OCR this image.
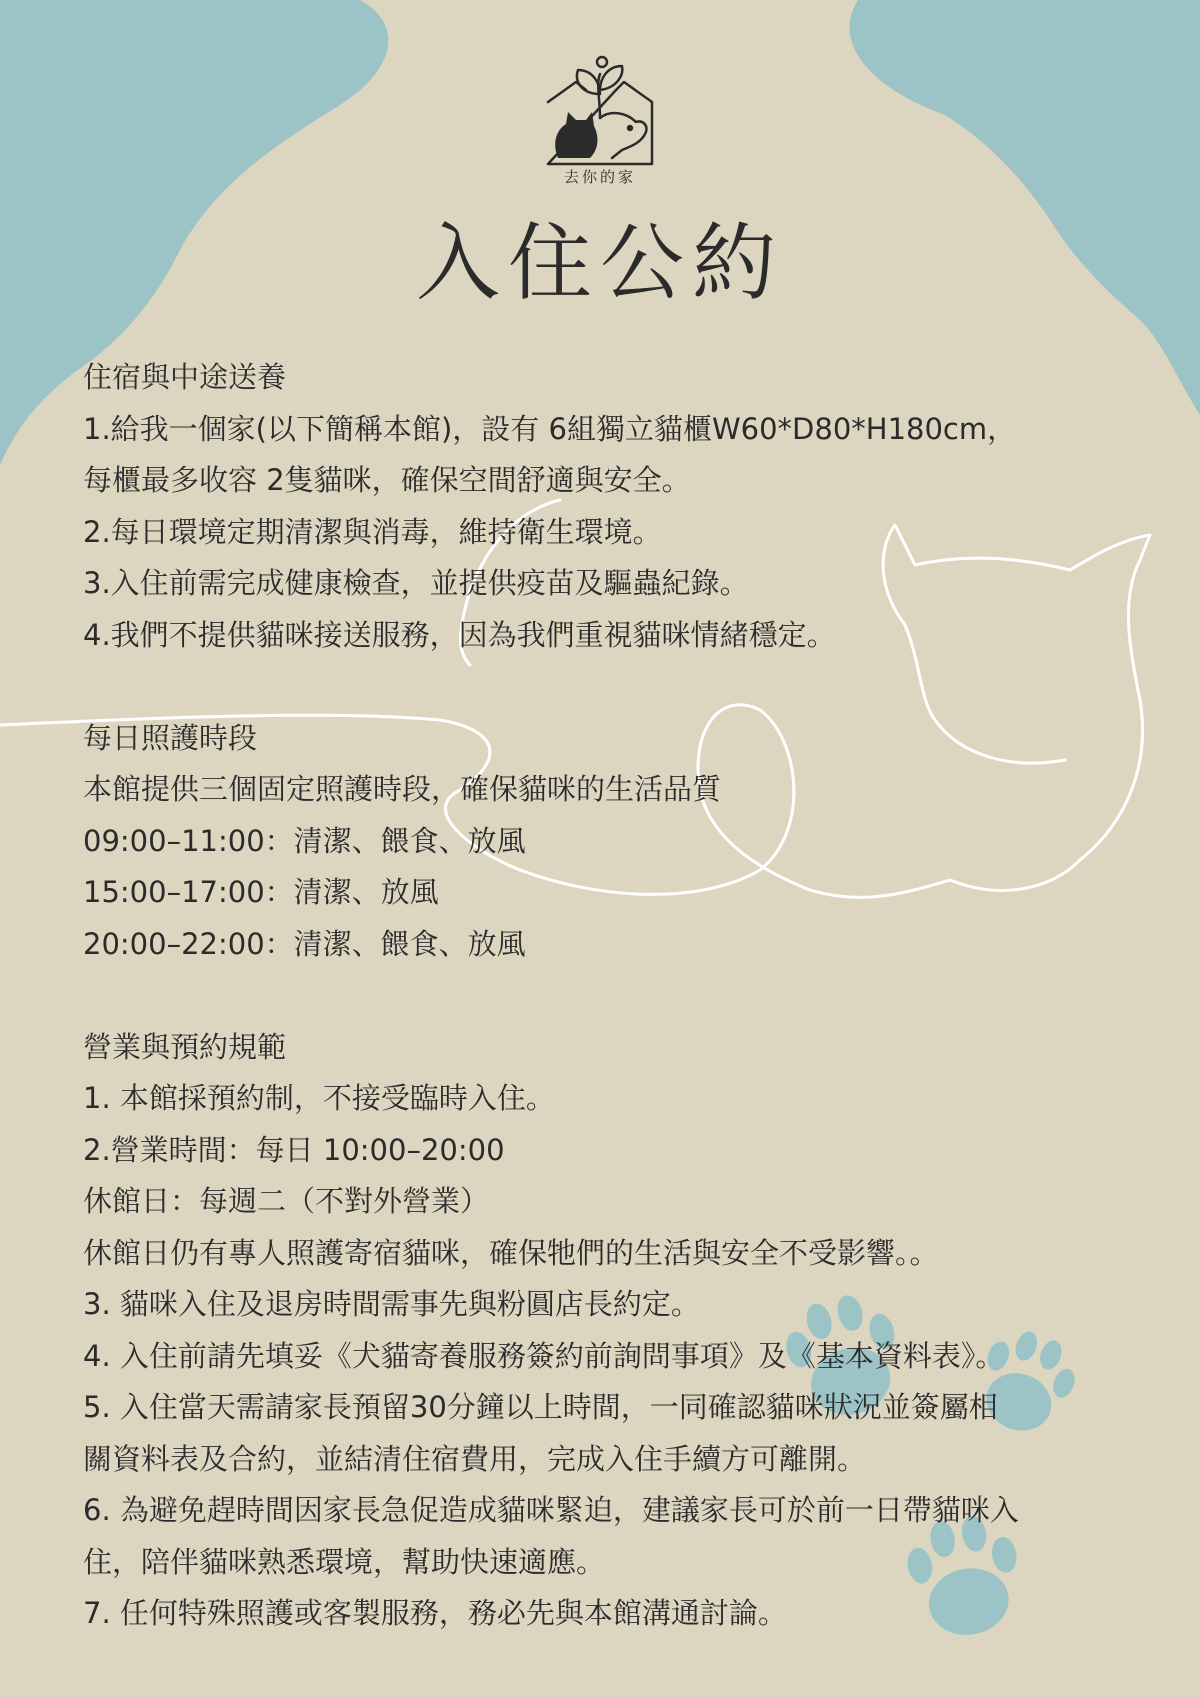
去你的家
入住公約
住宿與中途送養
1.給我一個家(以下簡稱本館)，設有 6組獨立貓櫃W60*D80*H180cm，
每櫃最多收容 2隻貓咪，確保空間舒適與安全。
2.每日環境定期清潔與消毒，維持衛生環境。
3.入住前需完成健康檢查，並提供疫苗及驅蟲紀錄。
4.我們不提供貓咪接送服務，因為我們重視貓咪情緒穩定。
每日照護時段
本館提供三個固定照護時段，確保貓咪的生活品質
09:00–11:00：清潔、餵食、放風
15:00–17:00：清潔、放風
20:00–22:00：清潔、餵食、放風
營業與預約規範
1. 本館採預約制，不接受臨時入住。
2.營業時間：每日 10:00–20:00
休館日：每週二（不對外營業）
休館日仍有專人照護寄宿貓咪，確保牠們的生活與安全不受影響。。
3. 貓咪入住及退房時間需事先與粉圓店長約定。
4. 入住前請先填妥《犬貓寄養服務簽約前詢問事項》及《基本資料表》。
5. 入住當天需請家長預留30分鐘以上時間，一同確認貓咪狀況並簽屬相
關資料表及合約，並結清住宿費用，完成入住手續方可離開。
6. 為避免趕時間因家長急促造成貓咪緊迫，建議家長可於前一日帶貓咪入
住，陪伴貓咪熟悉環境，幫助快速適應。
7. 任何特殊照護或客製服務，務必先與本館溝通討論。
